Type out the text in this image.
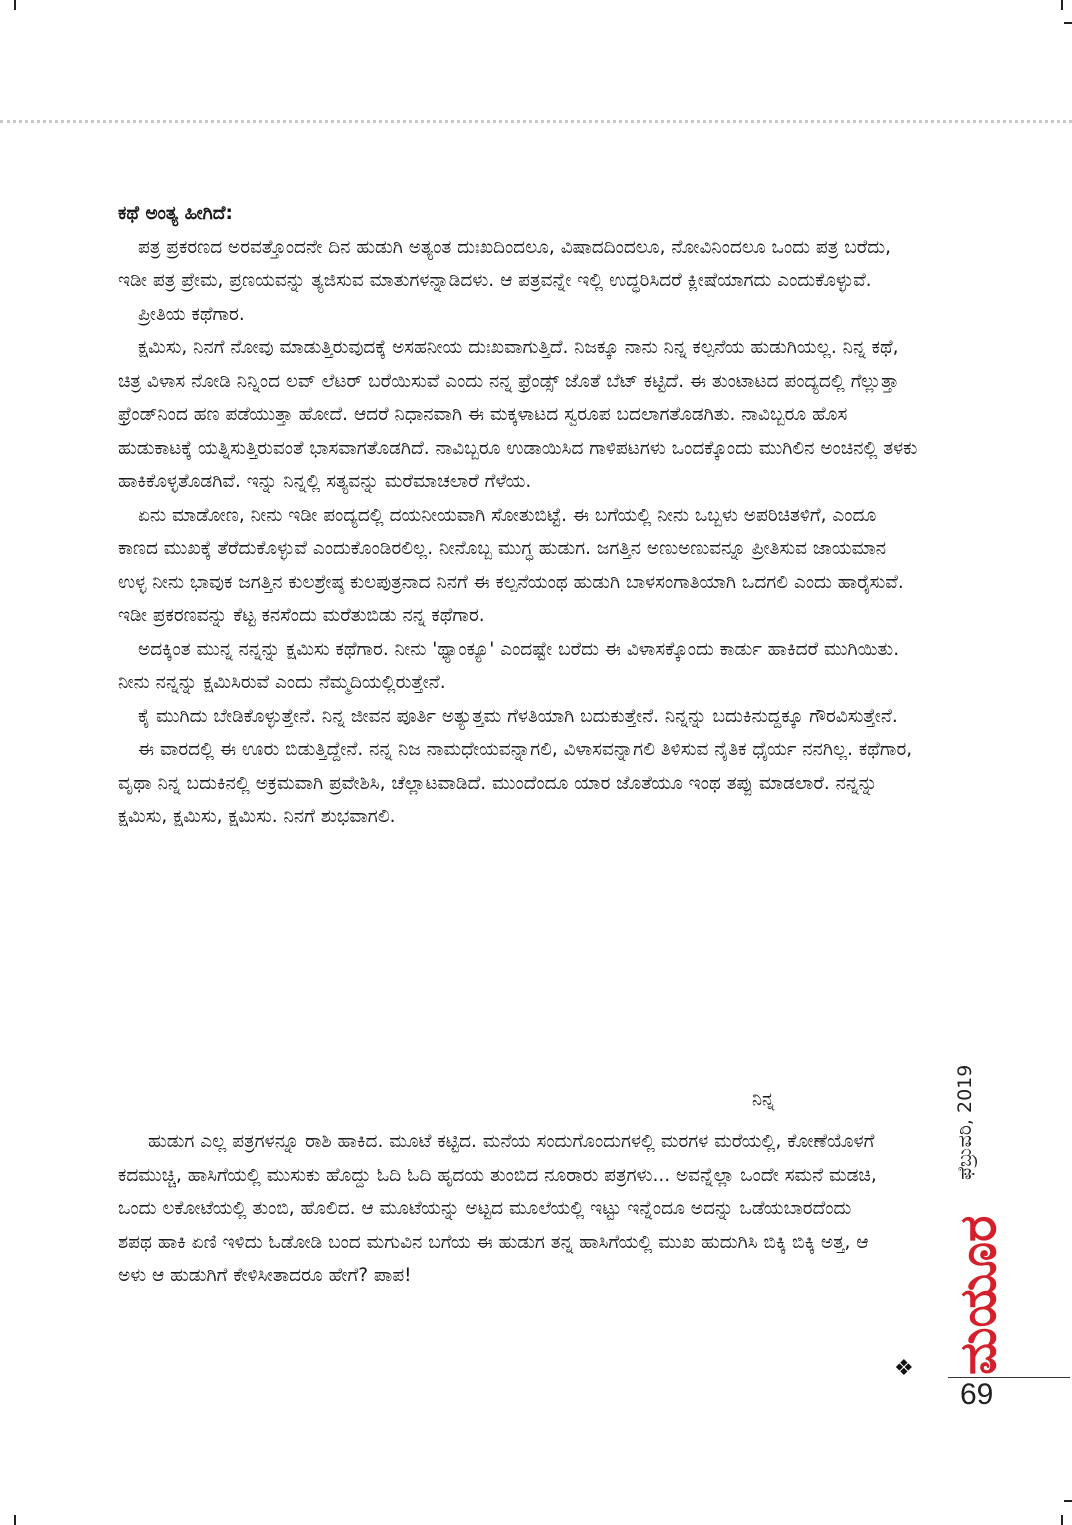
ಕಥೆ ಅಂತ್ಯ ಹೀಗಿದೆ:

ಪತ್ರ ಪ್ರಕರಣದ ಅರವತ್ತೊಂದನೇ ದಿನ ಹುಡುಗಿ ಅತ್ಯಂತ ದುಃಖದಿಂದಲೂ, ವಿಷಾದದಿಂದಲೂ, ನೋವಿನಿಂದಲೂ ಒಂದು ಪತ್ರ ಬರೆದು, ಇಡೀ ಪತ್ರ ಪ್ರೇಮ, ಪ್ರಣಯವನ್ನು ತ್ಯಜಿಸುವ ಮಾತುಗಳನ್ನಾಡಿದಳು. ಆ ಪತ್ರವನ್ನೇ ಇಲ್ಲಿ ಉದ್ಧರಿಸಿದರೆ ಕ್ಲೀಷೆಯಾಗದು ಎಂದುಕೊಳ್ಳುವೆ.

ಪ್ರೀತಿಯ ಕಥೆಗಾರ.

ಕ್ಷಮಿಸು, ನಿನಗೆ ನೋವು ಮಾಡುತ್ತಿರುವುದಕ್ಕೆ ಅಸಹನೀಯ ದುಃಖವಾಗುತ್ತಿದೆ. ನಿಜಕ್ಕೂ ನಾನು ನಿನ್ನ ಕಲ್ಪನೆಯ ಹುಡುಗಿಯಲ್ಲ. ನಿನ್ನ ಕಥೆ, ಚಿತ್ರ ವಿಳಾಸ ನೋಡಿ ನಿನ್ನಿಂದ ಲವ್ ಲೆಟರ್ ಬರೆಯಿಸುವೆ ಎಂದು ನನ್ನ ಫ್ರೆಂಡ್ಸ್ ಜೊತೆ ಬೆಟ್ ಕಟ್ಟಿದೆ. ಈ ತುಂಟಾಟದ ಪಂದ್ಯದಲ್ಲಿ ಗೆಲ್ಲುತ್ತಾ ಫ್ರೆಂಡ್‌ನಿಂದ ಹಣ ಪಡೆಯುತ್ತಾ ಹೋದೆ. ಆದರೆ ನಿಧಾನವಾಗಿ ಈ ಮಕ್ಕಳಾಟದ ಸ್ವರೂಪ ಬದಲಾಗತೊಡಗಿತು. ನಾವಿಬ್ಬರೂ ಹೊಸ ಹುಡುಕಾಟಕ್ಕೆ ಯತ್ನಿಸುತ್ತಿರುವಂತೆ ಭಾಸವಾಗತೊಡಗಿದೆ. ನಾವಿಬ್ಬರೂ ಉಡಾಯಿಸಿದ ಗಾಳಿಪಟಗಳು ಒಂದಕ್ಕೊಂದು ಮುಗಿಲಿನ ಅಂಚಿನಲ್ಲಿ ತಳಕು ಹಾಕಿಕೊಳ್ಳತೊಡಗಿವೆ. ಇನ್ನು ನಿನ್ನಲ್ಲಿ ಸತ್ಯವನ್ನು ಮರೆಮಾಚಲಾರೆ ಗೆಳೆಯ.

ಏನು ಮಾಡೋಣ, ನೀನು ಇಡೀ ಪಂದ್ಯದಲ್ಲಿ ದಯನೀಯವಾಗಿ ಸೋತುಬಿಟ್ಟೆ. ಈ ಬಗೆಯಲ್ಲಿ ನೀನು ಒಬ್ಬಳು ಅಪರಿಚಿತಳಿಗೆ, ಎಂದೂ ಕಾಣದ ಮುಖಕ್ಕೆ ತೆರೆದುಕೊಳ್ಳುವೆ ಎಂದುಕೊಂಡಿರಲಿಲ್ಲ. ನೀನೊಬ್ಬ ಮುಗ್ಧ ಹುಡುಗ. ಜಗತ್ತಿನ ಅಣುಅಣುವನ್ನೂ ಪ್ರೀತಿಸುವ ಜಾಯಮಾನ ಉಳ್ಳ ನೀನು ಭಾವುಕ ಜಗತ್ತಿನ ಕುಲಶ್ರೇಷ್ಠ ಕುಲಪುತ್ರನಾದ ನಿನಗೆ ಈ ಕಲ್ಪನೆಯಂಥ ಹುಡುಗಿ ಬಾಳಸಂಗಾತಿಯಾಗಿ ಒದಗಲಿ ಎಂದು ಹಾರೈಸುವೆ. ಇಡೀ ಪ್ರಕರಣವನ್ನು ಕೆಟ್ಟ ಕನಸೆಂದು ಮರೆತುಬಿಡು ನನ್ನ ಕಥೆಗಾರ.

ಅದಕ್ಕಿಂತ ಮುನ್ನ ನನ್ನನ್ನು ಕ್ಷಮಿಸು ಕಥೆಗಾರ. ನೀನು 'ಥ್ಯಾಂಕ್ಯೂ' ಎಂದಷ್ಟೇ ಬರೆದು ಈ ವಿಳಾಸಕ್ಕೊಂದು ಕಾರ್ಡು ಹಾಕಿದರೆ ಮುಗಿಯಿತು. ನೀನು ನನ್ನನ್ನು ಕ್ಷಮಿಸಿರುವೆ ಎಂದು ನೆಮ್ಮದಿಯಲ್ಲಿರುತ್ತೇನೆ.

ಕೈ ಮುಗಿದು ಬೇಡಿಕೊಳ್ಳುತ್ತೇನೆ. ನಿನ್ನ ಜೀವನ ಪೂರ್ತಿ ಅತ್ಯುತ್ತಮ ಗೆಳತಿಯಾಗಿ ಬದುಕುತ್ತೇನೆ. ನಿನ್ನನ್ನು ಬದುಕಿನುದ್ದಕ್ಕೂ ಗೌರವಿಸುತ್ತೇನೆ.

ಈ ವಾರದಲ್ಲಿ ಈ ಊರು ಬಿಡುತ್ತಿದ್ದೇನೆ. ನನ್ನ ನಿಜ ನಾಮಧೇಯವನ್ನಾಗಲಿ, ವಿಳಾಸವನ್ನಾಗಲಿ ತಿಳಿಸುವ ನೈತಿಕ ಧೈರ್ಯ ನನಗಿಲ್ಲ. ಕಥೆಗಾರ, ವೃಥಾ ನಿನ್ನ ಬದುಕಿನಲ್ಲಿ ಅಕ್ರಮವಾಗಿ ಪ್ರವೇಶಿಸಿ, ಚೆಲ್ಲಾಟವಾಡಿದೆ. ಮುಂದೆಂದೂ ಯಾರ ಜೊತೆಯೂ ಇಂಥ ತಪ್ಪು ಮಾಡಲಾರೆ. ನನ್ನನ್ನು ಕ್ಷಮಿಸು, ಕ್ಷಮಿಸು, ಕ್ಷಮಿಸು. ನಿನಗೆ ಶುಭವಾಗಲಿ.

ನಿನ್ನ

ಹುಡುಗ ಎಲ್ಲ ಪತ್ರಗಳನ್ನೂ ರಾಶಿ ಹಾಕಿದ. ಮೂಟೆ ಕಟ್ಟಿದ. ಮನೆಯ ಸಂದುಗೊಂದುಗಳಲ್ಲಿ ಮರಗಳ ಮರೆಯಲ್ಲಿ, ಕೋಣೆಯೊಳಗೆ ಕದಮುಚ್ಚಿ, ಹಾಸಿಗೆಯಲ್ಲಿ ಮುಸುಕು ಹೊದ್ದು ಓದಿ ಓದಿ ಹೃದಯ ತುಂಬಿದ ನೂರಾರು ಪತ್ರಗಳು... ಅವನ್ನೆಲ್ಲಾ ಒಂದೇ ಸಮನೆ ಮಡಚಿ, ಒಂದು ಲಕೋಟೆಯಲ್ಲಿ ತುಂಬಿ, ಹೊಲಿದ. ಆ ಮೂಟೆಯನ್ನು ಅಟ್ಟದ ಮೂಲೆಯಲ್ಲಿ ಇಟ್ಟು ಇನ್ನೆಂದೂ ಅದನ್ನು ಒಡೆಯಬಾರದೆಂದು ಶಪಥ ಹಾಕಿ ಏಣಿ ಇಳಿದು ಓಡೋಡಿ ಬಂದ ಮಗುವಿನ ಬಗೆಯ ಈ ಹುಡುಗ ತನ್ನ ಹಾಸಿಗೆಯಲ್ಲಿ ಮುಖ ಹುದುಗಿಸಿ ಬಿಕ್ಕಿ ಬಿಕ್ಕಿ ಅತ್ತ, ಆ ಅಳು ಆ ಹುಡುಗಿಗೆ ಕೇಳಿಸೀತಾದರೂ ಹೇಗೆ? ಪಾಪ!

❖
ಫೆಬ್ರುವರಿ, 2019
ಮಯೂರ
69
